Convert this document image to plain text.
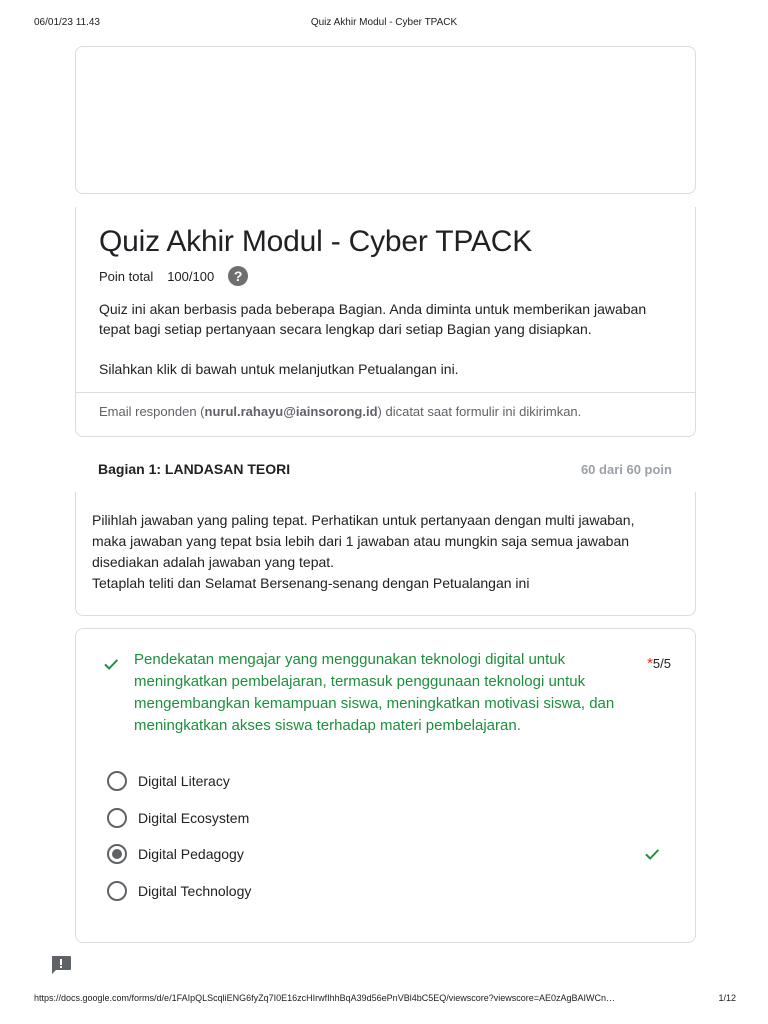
06/01/23 11.43	Quiz Akhir Modul - Cyber TPACK
Quiz Akhir Modul - Cyber TPACK
Poin total 100/100	?

Quiz ini akan berbasis pada beberapa Bagian. Anda diminta untuk memberikan jawaban tepat bagi setiap pertanyaan secara lengkap dari setiap Bagian yang disiapkan.

Silahkan klik di bawah untuk melanjutkan Petualangan ini.

Email responden (nurul.rahayu@iainsorong.id) dicatat saat formulir ini dikirimkan.
Bagian 1: LANDASAN TEORI	60 dari 60 poin
Pilihlah jawaban yang paling tepat. Perhatikan untuk pertanyaan dengan multi jawaban,
maka jawaban yang tepat bsia lebih dari 1 jawaban atau mungkin saja semua jawaban
disediakan adalah jawaban yang tepat.
Tetaplah teliti dan Selamat Bersenang-senang dengan Petualangan ini
Pendekatan mengajar yang menggunakan teknologi digital untuk meningkatkan pembelajaran, termasuk penggunaan teknologi untuk mengembangkan kemampuan siswa, meningkatkan motivasi siswa, dan meningkatkan akses siswa terhadap materi pembelajaran.
*5/5
Digital Literacy
Digital Ecosystem
Digital Pedagogy
Digital Technology
https://docs.google.com/forms/d/e/1FAIpQLScqliENG6fyZq7I0E16zcHIrwfIhhBqA39d56ePnVBl4bC5EQ/viewscore?viewscore=AE0zAgBAIWCn…	1/12
